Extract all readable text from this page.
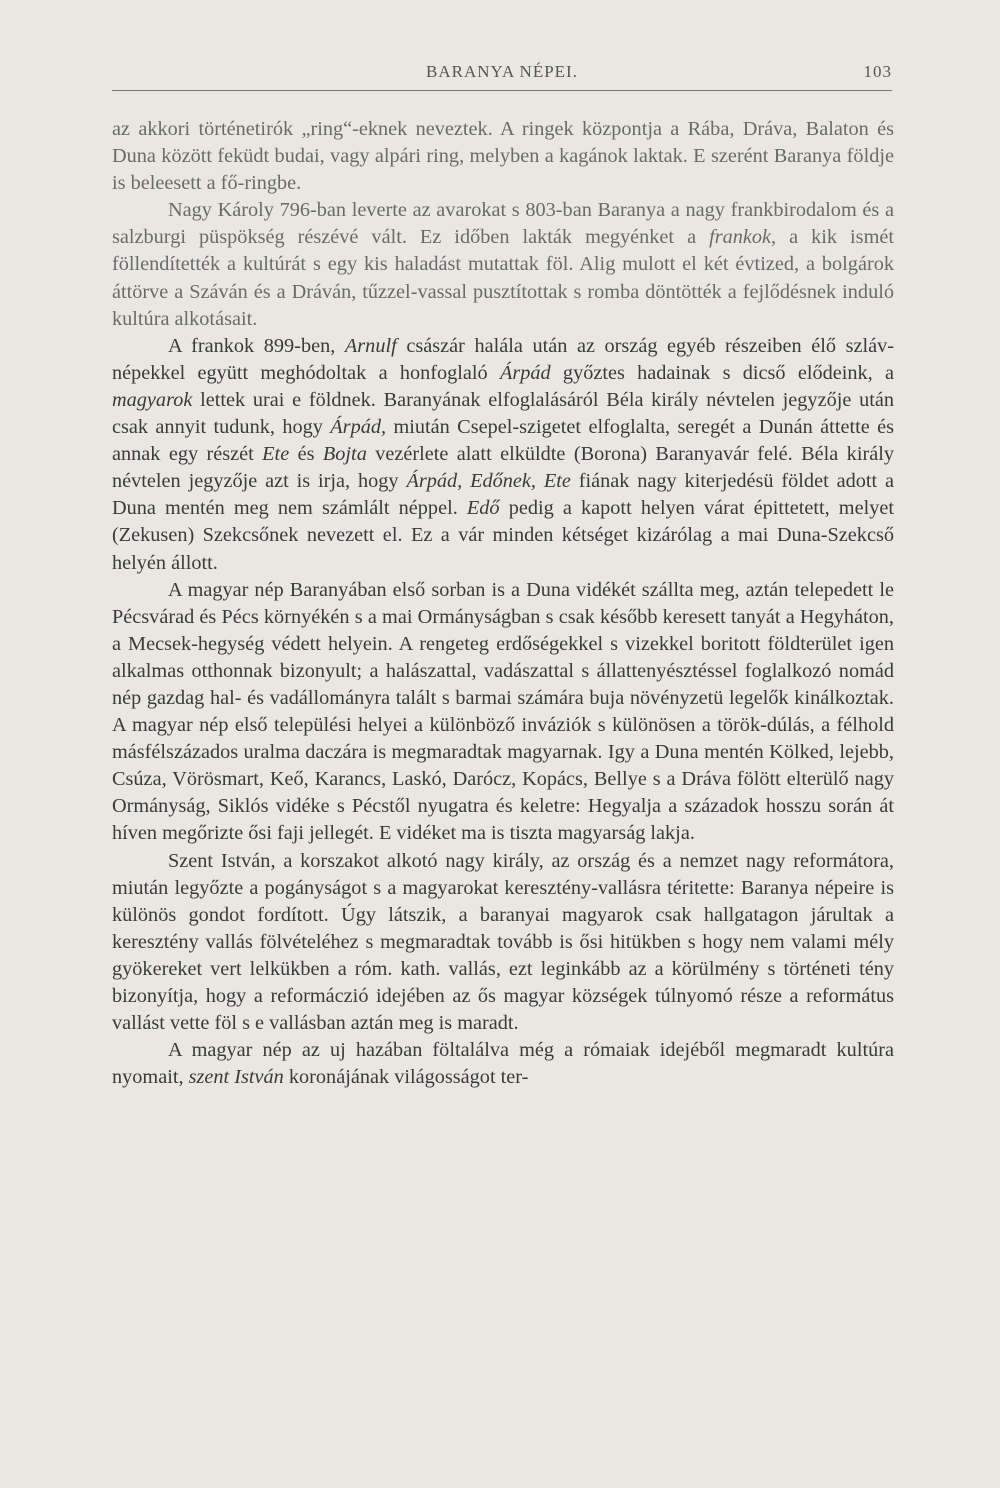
BARANYA NÉPEI.	103

az akkori történetirók „ring“-eknek neveztek. A ringek központja a Rába, Dráva, Balaton és Duna között feküdt budai, vagy alpári ring, melyben a kagánok laktak. E szerént Baranya földje is beleesett a fő-ringbe.

Nagy Károly 796-ban leverte az avarokat s 803-ban Baranya a nagy frankbirodalom és a salzburgi püspökség részévé vált. Ez időben lakták megyénket a frankok, a kik ismét föllendítették a kultúrát s egy kis haladást mutattak föl. Alig mulott el két évtized, a bolgárok áttörve a Száván és a Dráván, tűzzel-vassal pusztítottak s romba döntötték a fejlődésnek induló kultúra alkotásait.

A frankok 899-ben, Arnulf császár halála után az ország egyéb részeiben élő szláv-népekkel együtt meghódoltak a honfoglaló Árpád győztes hadainak s dicső elődeink, a magyarok lettek urai e földnek. Baranyának elfoglalásáról Béla király névtelen jegyzője után csak annyit tudunk, hogy Árpád, miután Csepel-szigetet elfoglalta, seregét a Dunán áttette és annak egy részét Ete és Bojta vezérlete alatt elküldte (Borona) Baranyavár felé. Béla király névtelen jegyzője azt is irja, hogy Árpád, Edőnek, Ete fiának nagy kiterjedésü földet adott a Duna mentén meg nem számlált néppel. Edő pedig a kapott helyen várat épittetett, melyet (Zekusen) Szekcsőnek nevezett el. Ez a vár minden kétséget kizárólag a mai Duna-Szekcső helyén állott.

A magyar nép Baranyában első sorban is a Duna vidékét szállta meg, aztán telepedett le Pécsvárad és Pécs környékén s a mai Ormányságban s csak később keresett tanyát a Hegyháton, a Mecsek-hegység védett helyein. A rengeteg erdőségekkel s vizekkel boritott földterület igen alkalmas otthonnak bizonyult; a halászattal, vadászattal s állattenyésztéssel foglalkozó nomád nép gazdag hal- és vadállományra talált s barmai számára buja növényzetü legelők kinálkoztak. A magyar nép első települési helyei a különböző inváziók s különösen a török-dúlás, a félhold másfélszázados uralma daczára is megmaradtak magyarnak. Igy a Duna mentén Kölked, lejebb, Csúza, Vörösmart, Keő, Karancs, Laskó, Darócz, Kopács, Bellye s a Dráva fölött elterülő nagy Ormányság, Siklós vidéke s Pécstől nyugatra és keletre: Hegyalja a századok hosszu során át híven megőrizte ősi faji jellegét. E vidéket ma is tiszta magyarság lakja.

Szent István, a korszakot alkotó nagy király, az ország és a nemzet nagy reformátora, miután legyőzte a pogányságot s a magyarokat keresztény-vallásra téritette: Baranya népeire is különös gondot fordított. Úgy látszik, a baranyai magyarok csak hallgatagon járultak a keresztény vallás fölvételéhez s megmaradtak tovább is ősi hitükben s hogy nem valami mély gyökereket vert lelkükben a róm. kath. vallás, ezt leginkább az a körülmény s történeti tény bizonyítja, hogy a reformáczió idejében az ős magyar községek túlnyomó része a református vallást vette föl s e vallásban aztán meg is maradt.

A magyar nép az uj hazában föltalálva még a rómaiak idejéből megmaradt kultúra nyomait, szent István koronájának világosságot ter-
